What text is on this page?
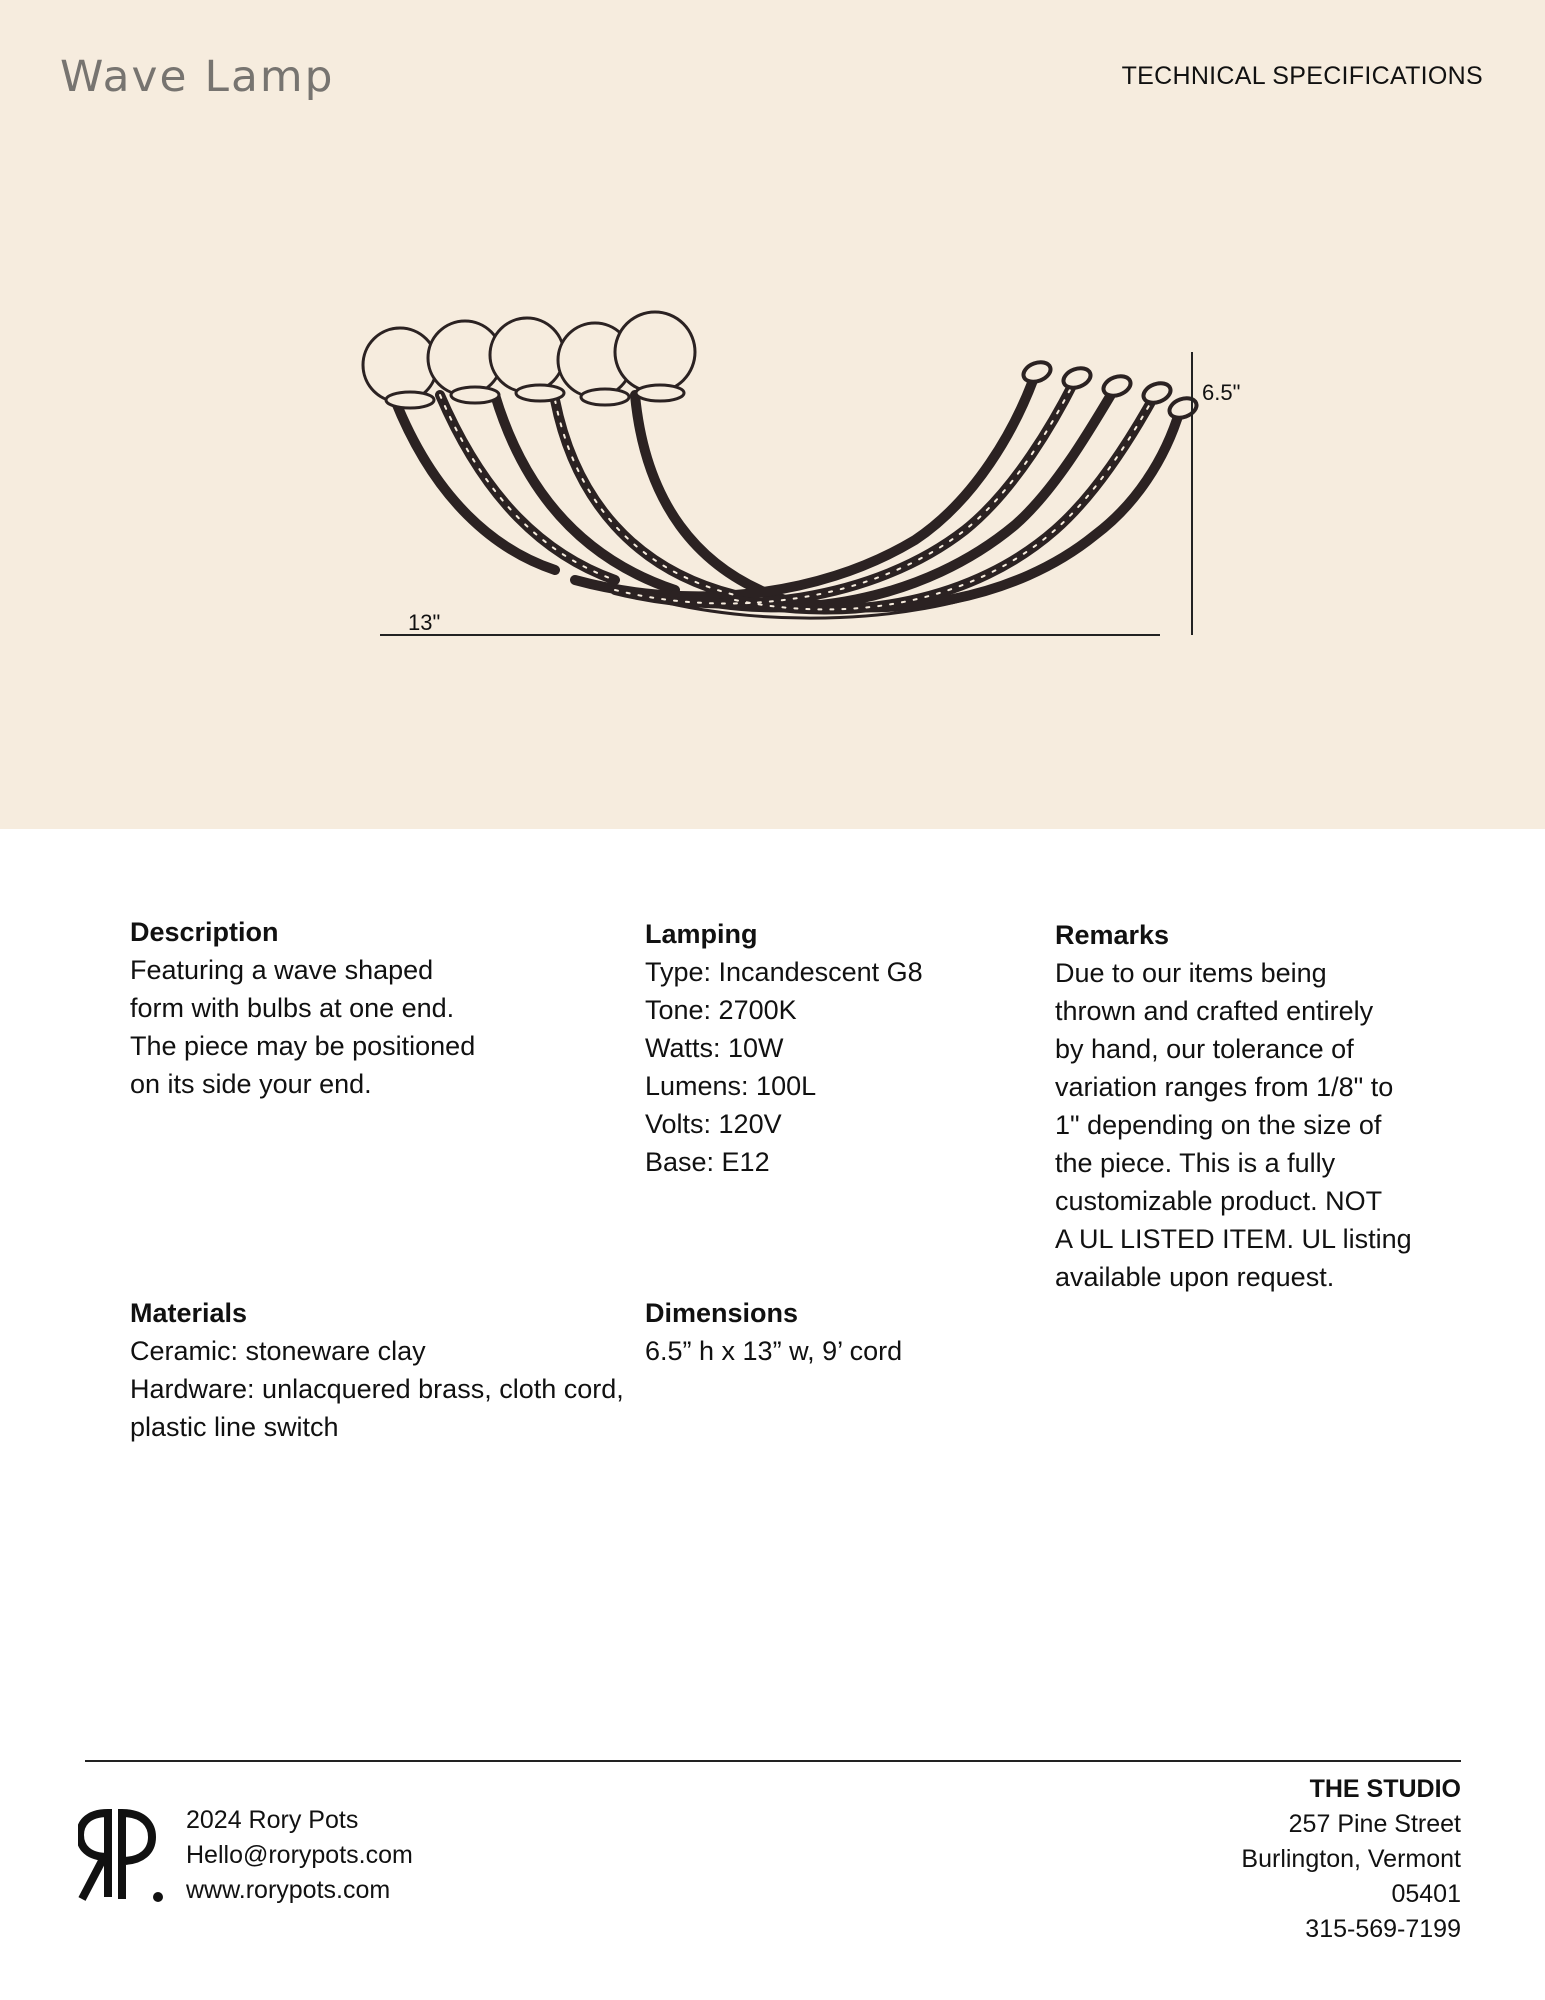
Wave Lamp	TECHNICAL SPECIFICATIONS
6.5"
13"
Description

Featuring a wave shaped
form with bulbs at one end.
The piece may be positioned
on its side your end.

Lamping

Type: Incandescent G8
Tone: 2700K
Watts: 10W
Lumens: 100L
Volts: 120V
Base: E12

Remarks

Due to our items being
thrown and crafted entirely
by hand, our tolerance of
variation ranges from 1/8" to
1" depending on the size of
the piece. This is a fully
customizable product. NOT
A UL LISTED ITEM. UL listing
available upon request.

Materials

Ceramic: stoneware clay
Hardware: unlacquered brass, cloth cord,
plastic line switch

Dimensions

6.5” h x 13” w, 9’ cord

2024 Rory Pots
Hello@rorypots.com
www.rorypots.com
THE STUDIO
257 Pine Street
Burlington, Vermont
05401
315-569-7199
